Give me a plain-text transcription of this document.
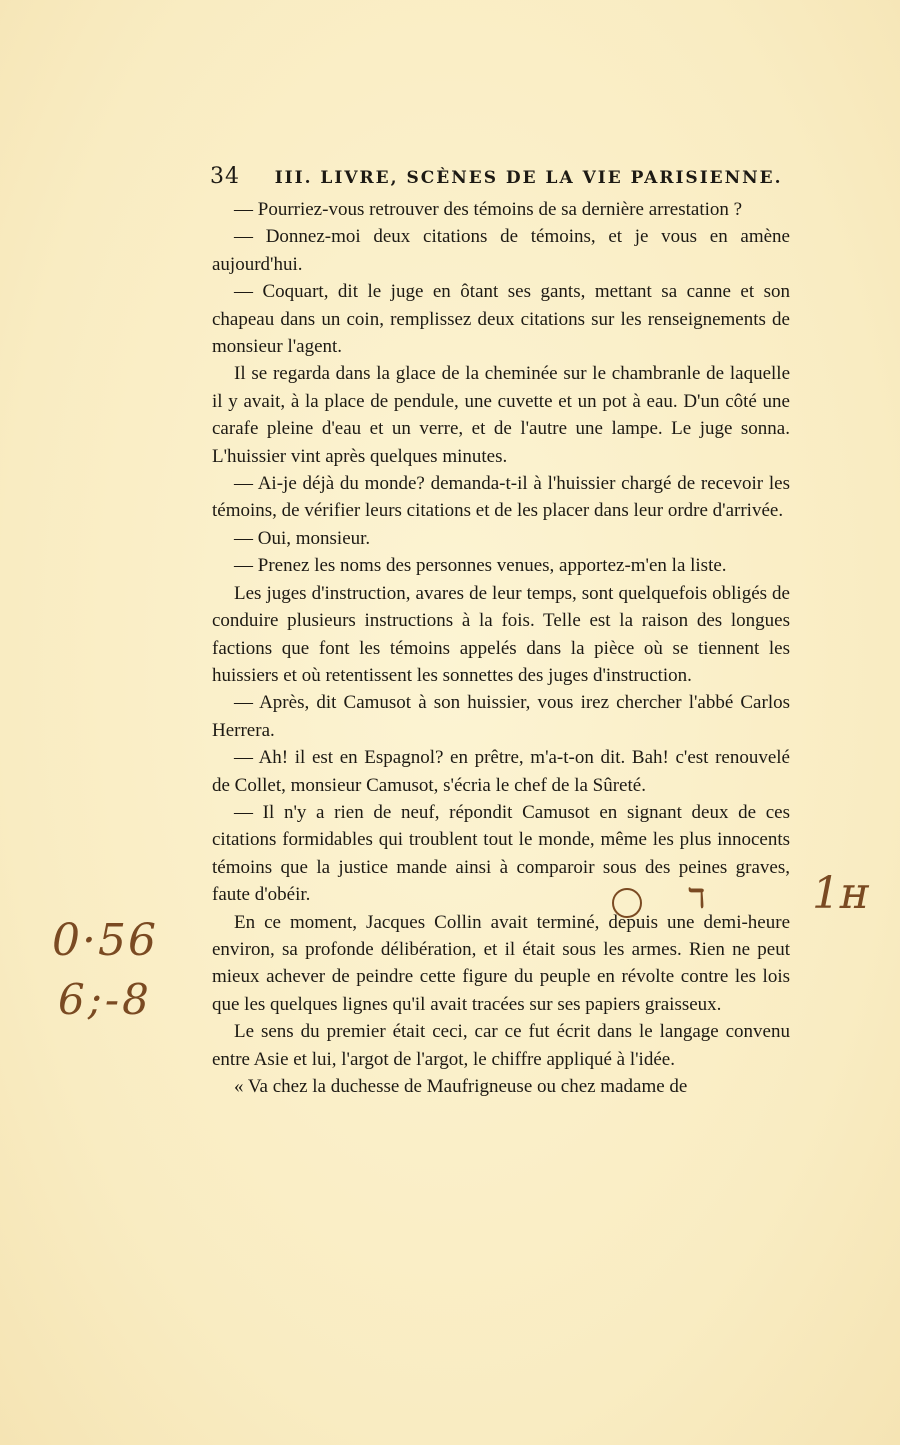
34 III. LIVRE, SCÈNES DE LA VIE PARISIENNE.

— Pourriez-vous retrouver des témoins de sa dernière arrestation ?

— Donnez-moi deux citations de témoins, et je vous en amène aujourd'hui.

— Coquart, dit le juge en ôtant ses gants, mettant sa canne et son chapeau dans un coin, remplissez deux citations sur les renseignements de monsieur l'agent.

Il se regarda dans la glace de la cheminée sur le chambranle de laquelle il y avait, à la place de pendule, une cuvette et un pot à eau. D'un côté une carafe pleine d'eau et un verre, et de l'autre une lampe. Le juge sonna. L'huissier vint après quelques minutes.

— Ai-je déjà du monde? demanda-t-il à l'huissier chargé de recevoir les témoins, de vérifier leurs citations et de les placer dans leur ordre d'arrivée.

— Oui, monsieur.

— Prenez les noms des personnes venues, apportez-m'en la liste.

Les juges d'instruction, avares de leur temps, sont quelquefois obligés de conduire plusieurs instructions à la fois. Telle est la raison des longues factions que font les témoins appelés dans la pièce où se tiennent les huissiers et où retentissent les sonnettes des juges d'instruction.

— Après, dit Camusot à son huissier, vous irez chercher l'abbé Carlos Herrera.

— Ah! il est en Espagnol? en prêtre, m'a-t-on dit. Bah! c'est renouvelé de Collet, monsieur Camusot, s'écria le chef de la Sûreté.

— Il n'y a rien de neuf, répondit Camusot en signant deux de ces citations formidables qui troublent tout le monde, même les plus innocents témoins que la justice mande ainsi à comparoir sous des peines graves, faute d'obéir.

En ce moment, Jacques Collin avait terminé, depuis une demi-heure environ, sa profonde délibération, et il était sous les armes. Rien ne peut mieux achever de peindre cette figure du peuple en révolte contre les lois que les quelques lignes qu'il avait tracées sur ses papiers graisseux.

Le sens du premier était ceci, car ce fut écrit dans le langage convenu entre Asie et lui, l'argot de l'argot, le chiffre appliqué à l'idée.

« Va chez la duchesse de Maufrigneuse ou chez madame de

0·56
6;-8
1ʜ
ℸ
